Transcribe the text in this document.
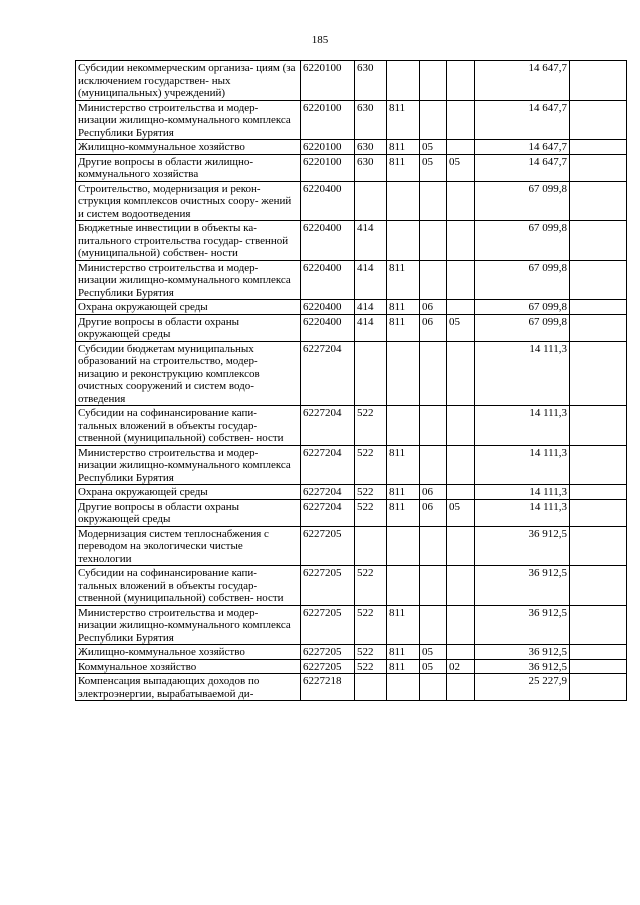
185
Субсидии некоммерческим организа- циям (за исключением государствен- ных (муниципальных) учреждений)	6220100	630				14 647,7	
Министерство строительства и модер- низации жилищно-коммунального комплекса Республики Бурятия	6220100	630	811			14 647,7	
Жилищно-коммунальное хозяйство	6220100	630	811	05		14 647,7	
Другие вопросы в области жилищно- коммунального хозяйства	6220100	630	811	05	05	14 647,7	
Строительство, модернизация и рекон- струкция комплексов очистных соору- жений и систем водоотведения	6220400					67 099,8	
Бюджетные инвестиции в объекты ка- питального строительства государ- ственной (муниципальной) собствен- ности	6220400	414				67 099,8	
Министерство строительства и модер- низации жилищно-коммунального комплекса Республики Бурятия	6220400	414	811			67 099,8	
Охрана окружающей среды	6220400	414	811	06		67 099,8	
Другие вопросы в области охраны окружающей среды	6220400	414	811	06	05	67 099,8	
Субсидии бюджетам муниципальных образований на строительство, модер- низацию и реконструкцию комплексов очистных сооружений и систем водо- отведения	6227204					14 111,3	
Субсидии на софинансирование капи- тальных вложений в объекты государ- ственной (муниципальной) собствен- ности	6227204	522				14 111,3	
Министерство строительства и модер- низации жилищно-коммунального комплекса Республики Бурятия	6227204	522	811			14 111,3	
Охрана окружающей среды	6227204	522	811	06		14 111,3	
Другие вопросы в области охраны окружающей среды	6227204	522	811	06	05	14 111,3	
Модернизация систем теплоснабжения с переводом на экологически чистые технологии	6227205					36 912,5	
Субсидии на софинансирование капи- тальных вложений в объекты государ- ственной (муниципальной) собствен- ности	6227205	522				36 912,5	
Министерство строительства и модер- низации жилищно-коммунального комплекса Республики Бурятия	6227205	522	811			36 912,5	
Жилищно-коммунальное хозяйство	6227205	522	811	05		36 912,5	
Коммунальное хозяйство	6227205	522	811	05	02	36 912,5	
Компенсация выпадающих доходов по электроэнергии, вырабатываемой ди-	6227218					25 227,9	
